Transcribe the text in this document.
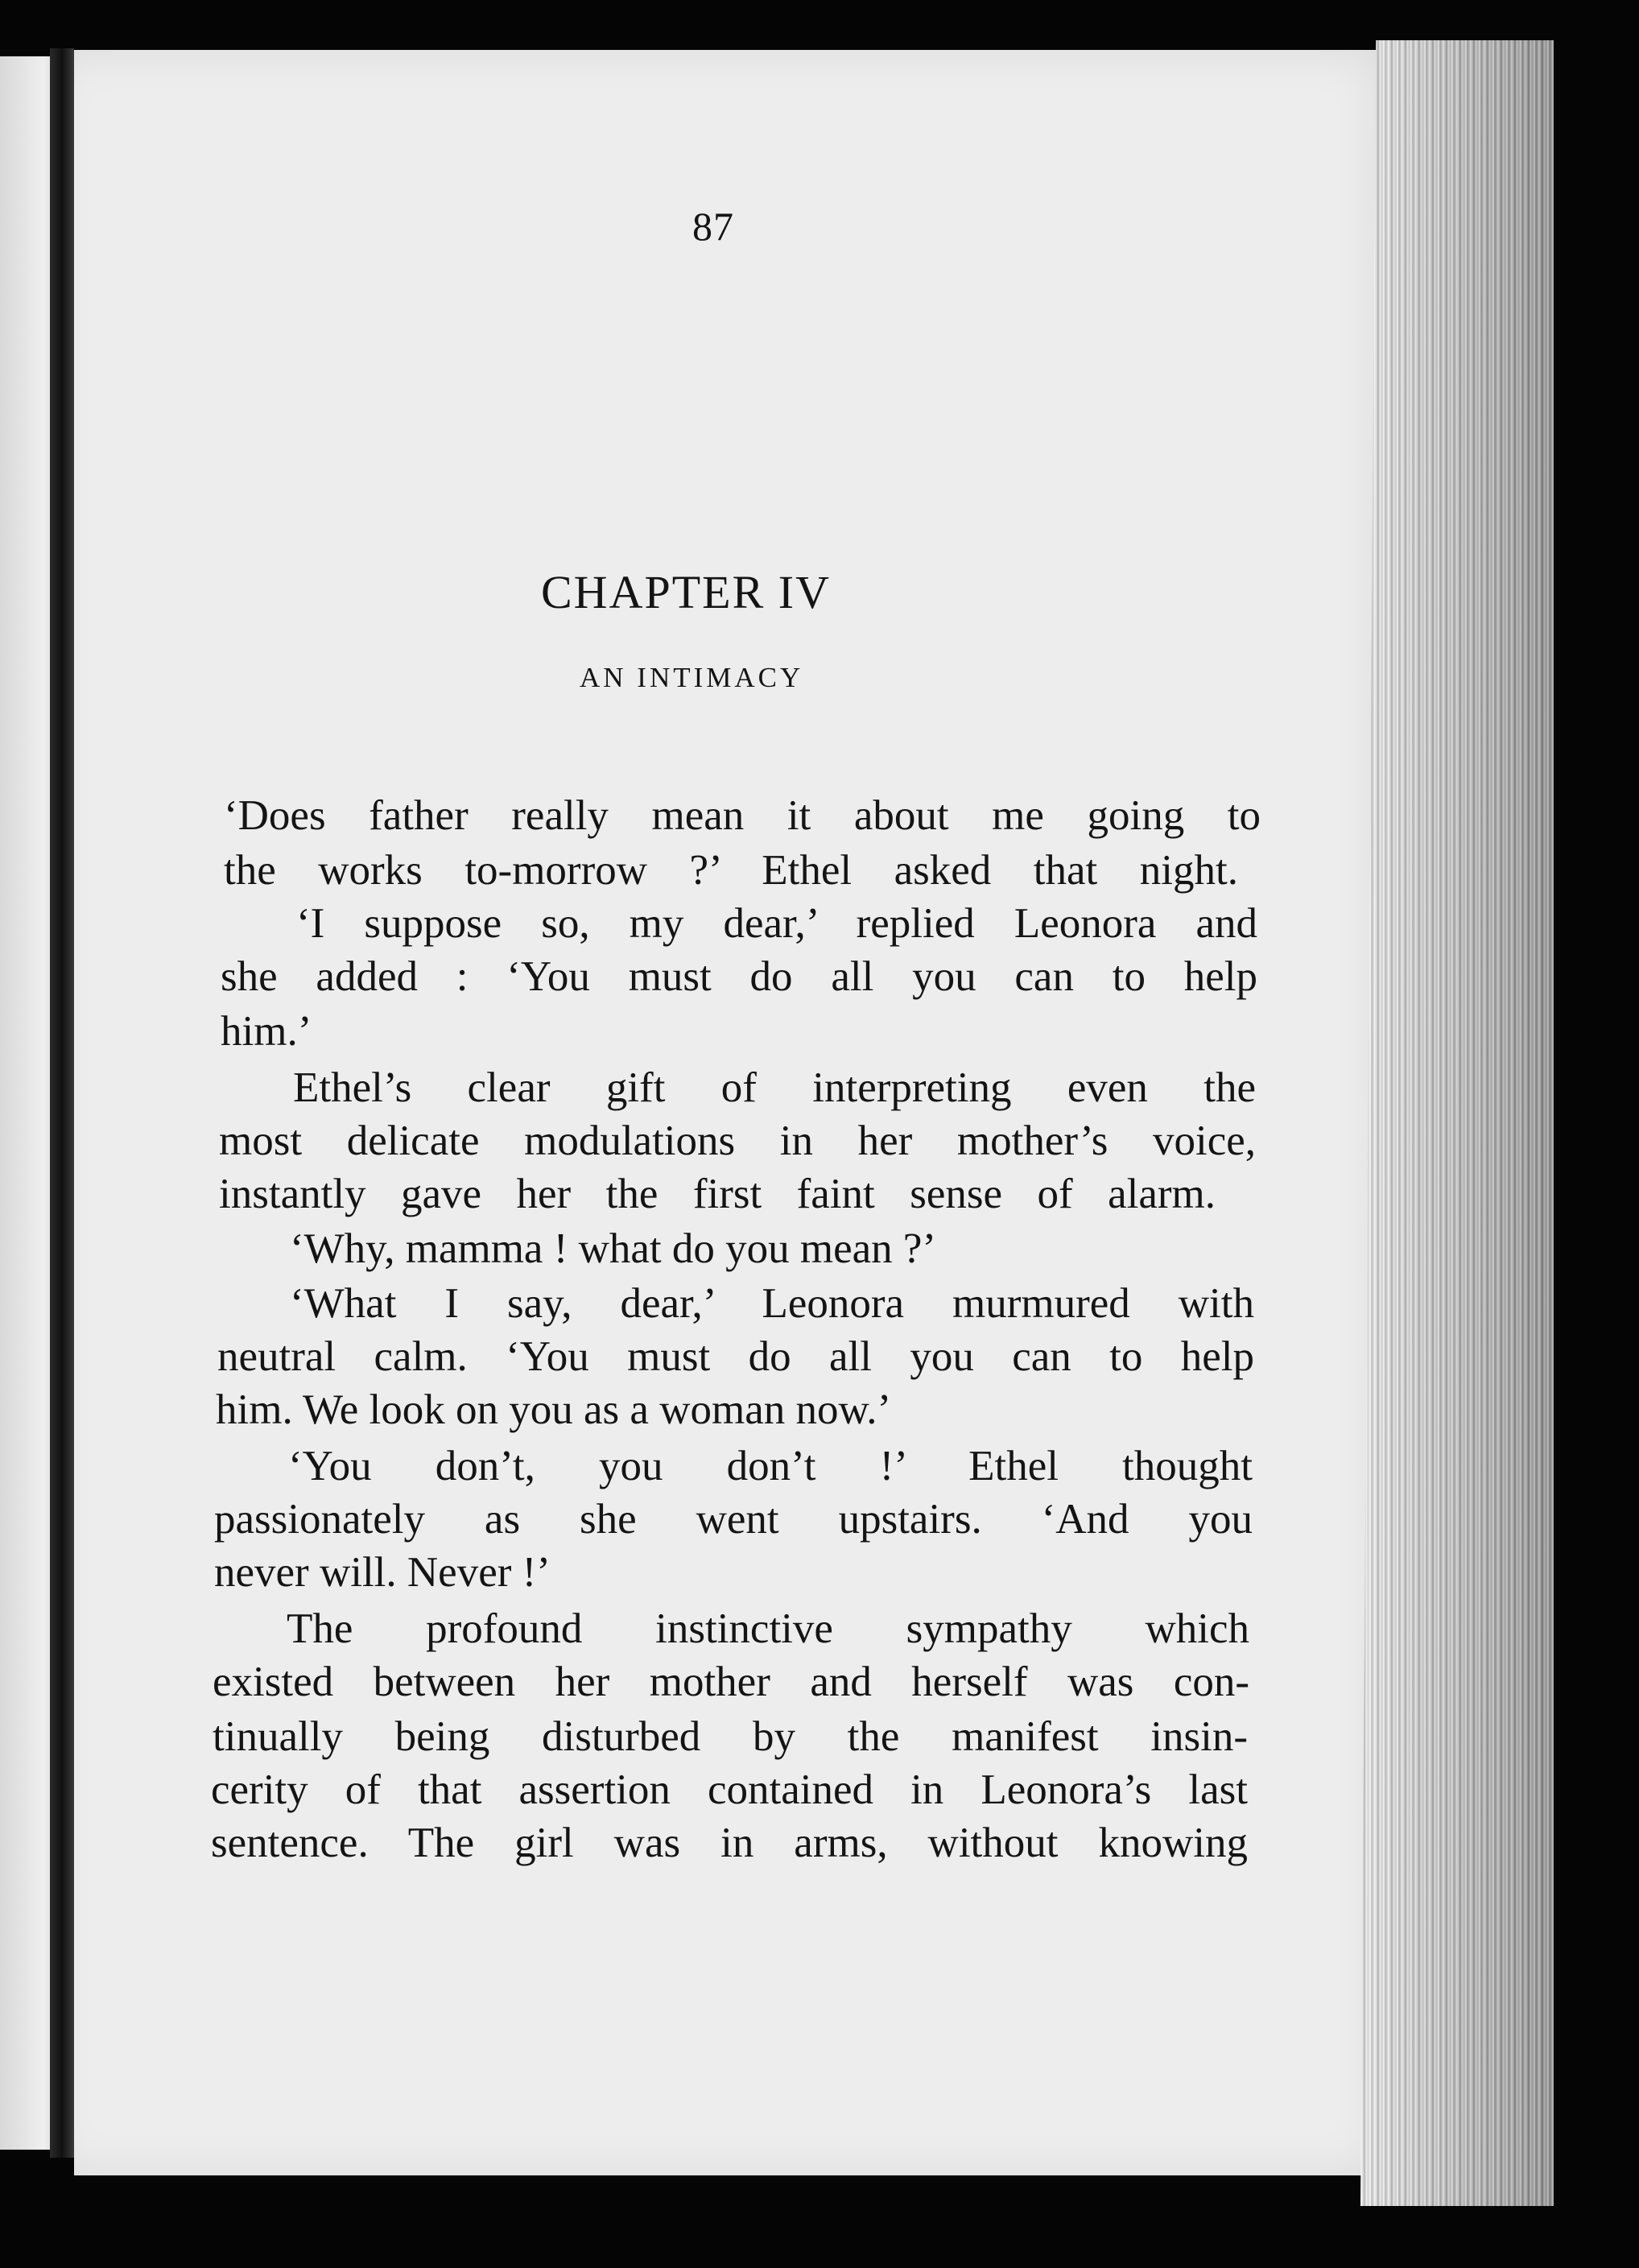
87
CHAPTER IV
AN INTIMACY
‘Does father really mean it about me going to
the works to-morrow ?’ Ethel asked that night.
‘I suppose so, my dear,’ replied Leonora and
she added : ‘You must do all you can to help
him.’
Ethel’s clear gift of interpreting even the
most delicate modulations in her mother’s voice,
instantly gave her the first faint sense of alarm.
‘Why, mamma ! what do you mean ?’
‘What I say, dear,’ Leonora murmured with
neutral calm. ‘You must do all you can to help
him. We look on you as a woman now.’
‘You don’t, you don’t !’ Ethel thought
passionately as she went upstairs. ‘And you
never will. Never !’
The profound instinctive sympathy which
existed between her mother and herself was con-
tinually being disturbed by the manifest insin-
cerity of that assertion contained in Leonora’s last
sentence. The girl was in arms, without knowing
